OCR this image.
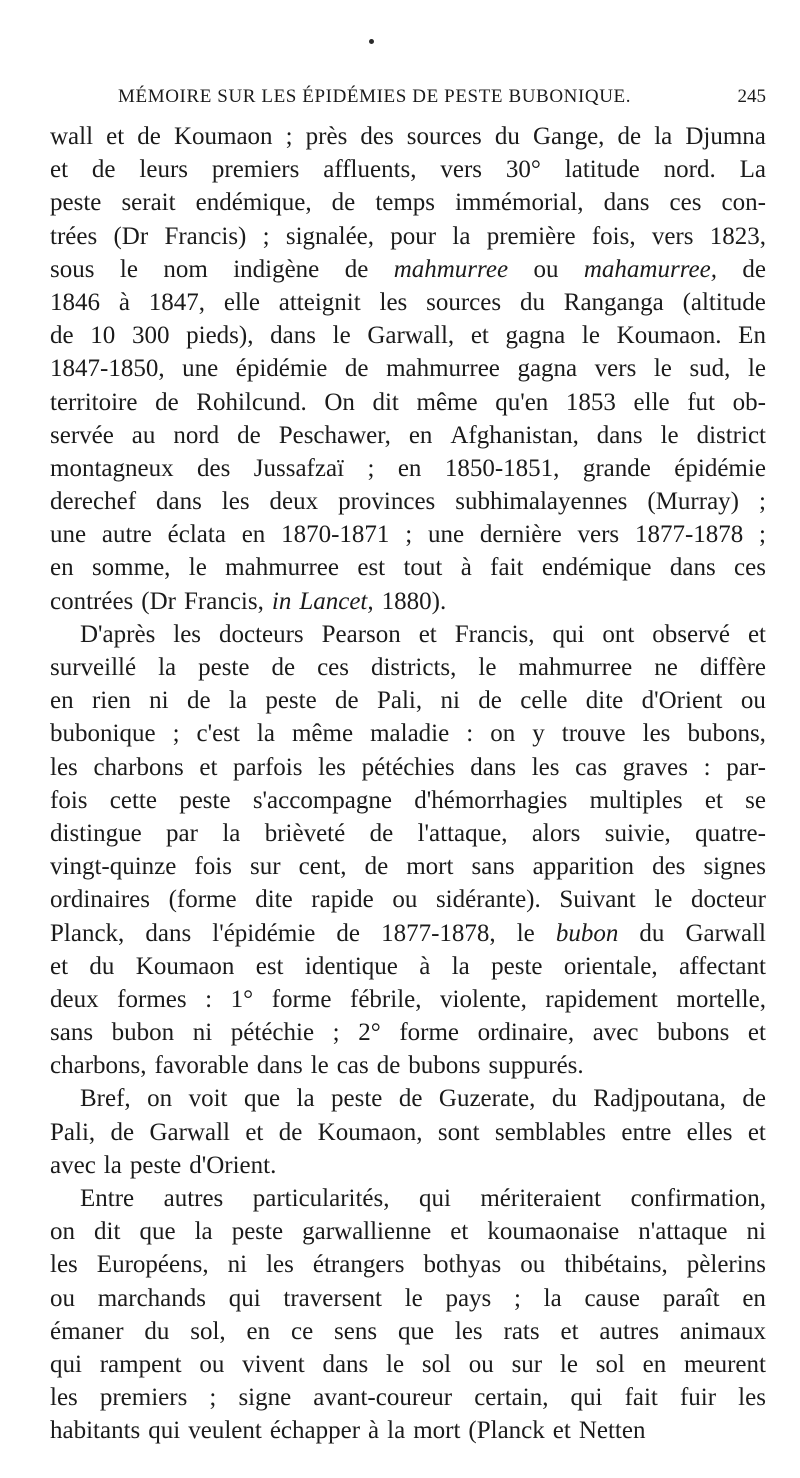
MÉMOIRE SUR LES ÉPIDÉMIES DE PESTE BUBONIQUE.	245
wall et de Koumaon ; près des sources du Gange, de la Djumna
et de leurs premiers affluents, vers 30° latitude nord. La
peste serait endémique, de temps immémorial, dans ces con-
trées (Dr Francis) ; signalée, pour la première fois, vers 1823,
sous le nom indigène de mahmurree ou mahamurree, de
1846 à 1847, elle atteignit les sources du Ranganga (altitude
de 10 300 pieds), dans le Garwall, et gagna le Koumaon. En
1847-1850, une épidémie de mahmurree gagna vers le sud, le
territoire de Rohilcund. On dit même qu'en 1853 elle fut ob-
servée au nord de Peschawer, en Afghanistan, dans le district
montagneux des Jussafzaï ; en 1850-1851, grande épidémie
derechef dans les deux provinces subhimalayennes (Murray) ;
une autre éclata en 1870-1871 ; une dernière vers 1877-1878 ;
en somme, le mahmurree est tout à fait endémique dans ces
contrées (Dr Francis, in Lancet, 1880).
D'après les docteurs Pearson et Francis, qui ont observé et
surveillé la peste de ces districts, le mahmurree ne diffère
en rien ni de la peste de Pali, ni de celle dite d'Orient ou
bubonique ; c'est la même maladie : on y trouve les bubons,
les charbons et parfois les pétéchies dans les cas graves : par-
fois cette peste s'accompagne d'hémorrhagies multiples et se
distingue par la brièveté de l'attaque, alors suivie, quatre-
vingt-quinze fois sur cent, de mort sans apparition des signes
ordinaires (forme dite rapide ou sidérante). Suivant le docteur
Planck, dans l'épidémie de 1877-1878, le bubon du Garwall
et du Koumaon est identique à la peste orientale, affectant
deux formes : 1° forme fébrile, violente, rapidement mortelle,
sans bubon ni pétéchie ; 2° forme ordinaire, avec bubons et
charbons, favorable dans le cas de bubons suppurés.
Bref, on voit que la peste de Guzerate, du Radjpoutana, de
Pali, de Garwall et de Koumaon, sont semblables entre elles et
avec la peste d'Orient.
Entre autres particularités, qui mériteraient confirmation,
on dit que la peste garwallienne et koumaonaise n'attaque ni
les Européens, ni les étrangers bothyas ou thibétains, pèlerins
ou marchands qui traversent le pays ; la cause paraît en
émaner du sol, en ce sens que les rats et autres animaux
qui rampent ou vivent dans le sol ou sur le sol en meurent
les premiers ; signe avant-coureur certain, qui fait fuir les
habitants qui veulent échapper à la mort (Planck et Netten
